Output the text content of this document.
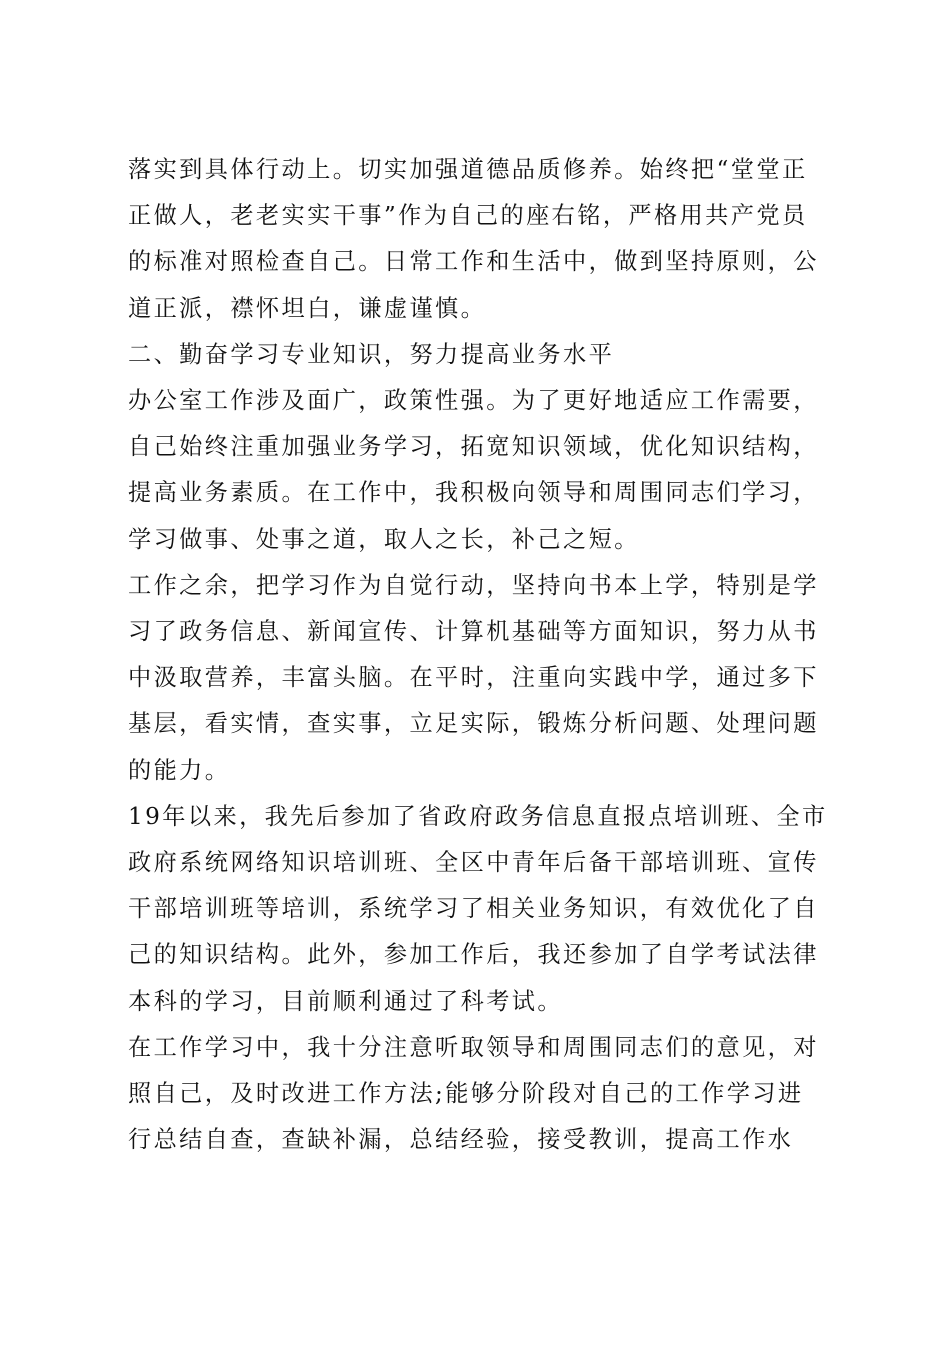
落实到具体行动上。切实加强道德品质修养。始终把“堂堂正
正做人，老老实实干事”作为自己的座右铭，严格用共产党员
的标准对照检查自己。日常工作和生活中，做到坚持原则，公
道正派，襟怀坦白，谦虚谨慎。

二、勤奋学习专业知识，努力提高业务水平

办公室工作涉及面广，政策性强。为了更好地适应工作需要，
自己始终注重加强业务学习，拓宽知识领域，优化知识结构，
提高业务素质。在工作中，我积极向领导和周围同志们学习，
学习做事、处事之道，取人之长，补己之短。

工作之余，把学习作为自觉行动，坚持向书本上学，特别是学
习了政务信息、新闻宣传、计算机基础等方面知识，努力从书
中汲取营养，丰富头脑。在平时，注重向实践中学，通过多下
基层，看实情，查实事，立足实际，锻炼分析问题、处理问题
的能力。

19年以来，我先后参加了省政府政务信息直报点培训班、全市
政府系统网络知识培训班、全区中青年后备干部培训班、宣传
干部培训班等培训，系统学习了相关业务知识，有效优化了自
己的知识结构。此外，参加工作后，我还参加了自学考试法律
本科的学习，目前顺利通过了科考试。

在工作学习中，我十分注意听取领导和周围同志们的意见，对
照自己，及时改进工作方法;能够分阶段对自己的工作学习进
行总结自查，查缺补漏，总结经验，接受教训，提高工作水
